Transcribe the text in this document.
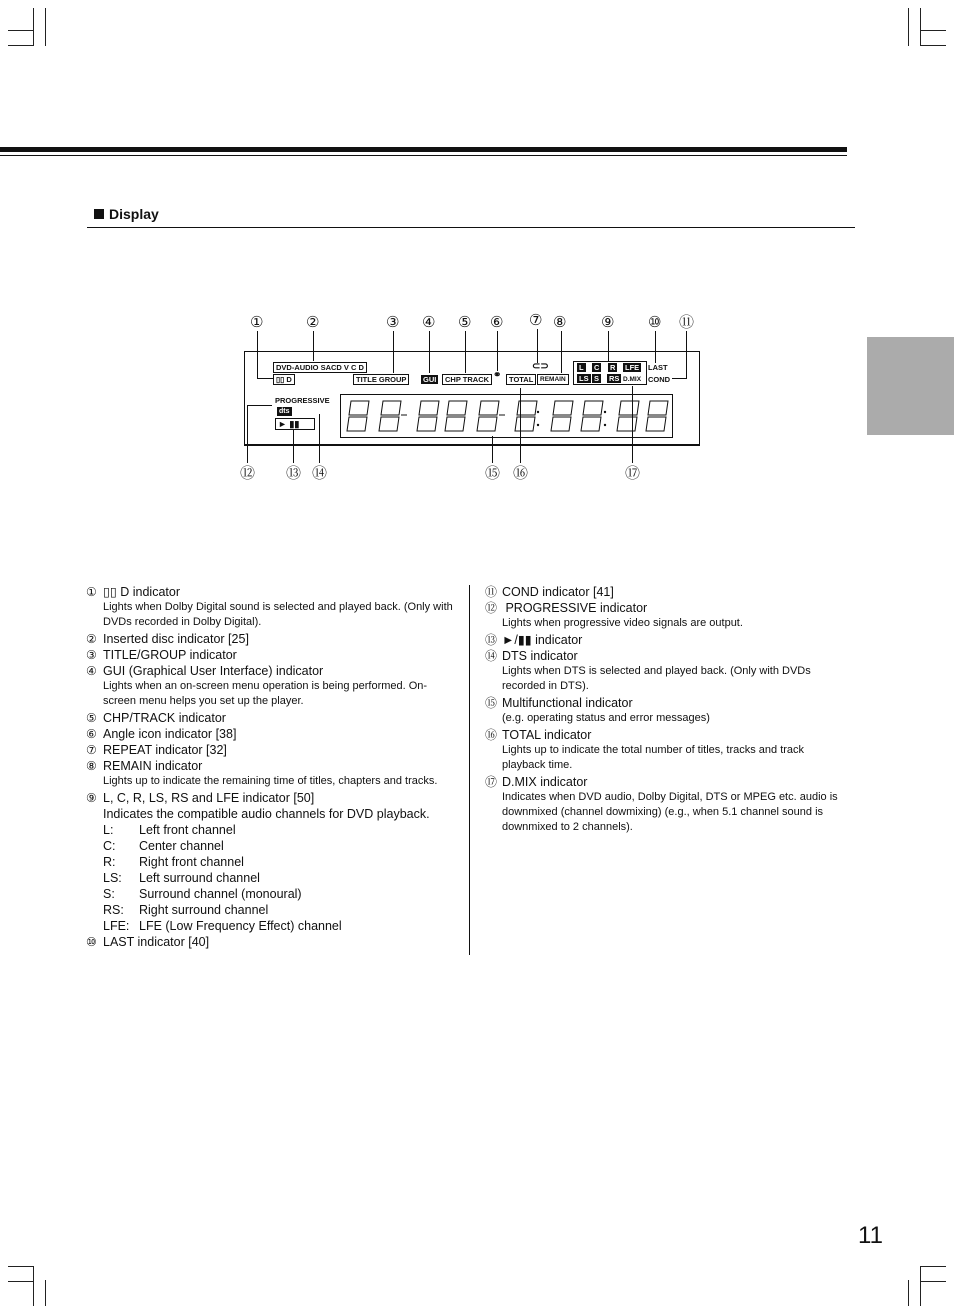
Display
①	②	③ ④ ⑤ ⑥ ⑦ ⑧ ⑨ ⑩ ⑪
⑫ ⑬ ⑭	⑮ ⑯	⑰
DVD-AUDIO SACD V C D
▯▯ D	TITLE GROUP	GUI	CHP TRACK ⚭
⊂⊃
TOTAL	REMAIN
L C R LFE
LS S RS D.MIX
LAST
COND
PROGRESSIVE
dts
► ▮▮
① ▯▯ D indicator
Lights when Dolby Digital sound is selected and played back. (Only with DVDs recorded in Dolby Digital).
② Inserted disc indicator [25]
③ TITLE/GROUP indicator
④ GUI (Graphical User Interface) indicator
Lights when an on-screen menu operation is being performed. On-screen menu helps you set up the player.
⑤ CHP/TRACK indicator
⑥ Angle icon indicator [38]
⑦ REPEAT indicator [32]
⑧ REMAIN indicator
Lights up to indicate the remaining time of titles, chapters and tracks.
⑨ L, C, R, LS, RS and LFE indicator [50]
Indicates the compatible audio channels for DVD playback.
L:	Left front channel
C:	Center channel
R:	Right front channel
LS:	Left surround channel
S:	Surround channel (monoural)
RS:	Right surround channel
LFE: LFE (Low Frequency Effect) channel
⑩ LAST indicator [40]
⑪ COND indicator [41]
⑫ PROGRESSIVE indicator
Lights when progressive video signals are output.
⑬ ►/▮▮ indicator
⑭ DTS indicator
Lights when DTS is selected and played back. (Only with DVDs recorded in DTS).
⑮ Multifunctional indicator
(e.g. operating status and error messages)
⑯ TOTAL indicator
Lights up to indicate the total number of titles, tracks and track playback time.
⑰ D.MIX indicator
Indicates when DVD audio, Dolby Digital, DTS or MPEG etc. audio is downmixed (channel dowmixing) (e.g., when 5.1 channel sound is downmixed to 2 channels).
11
